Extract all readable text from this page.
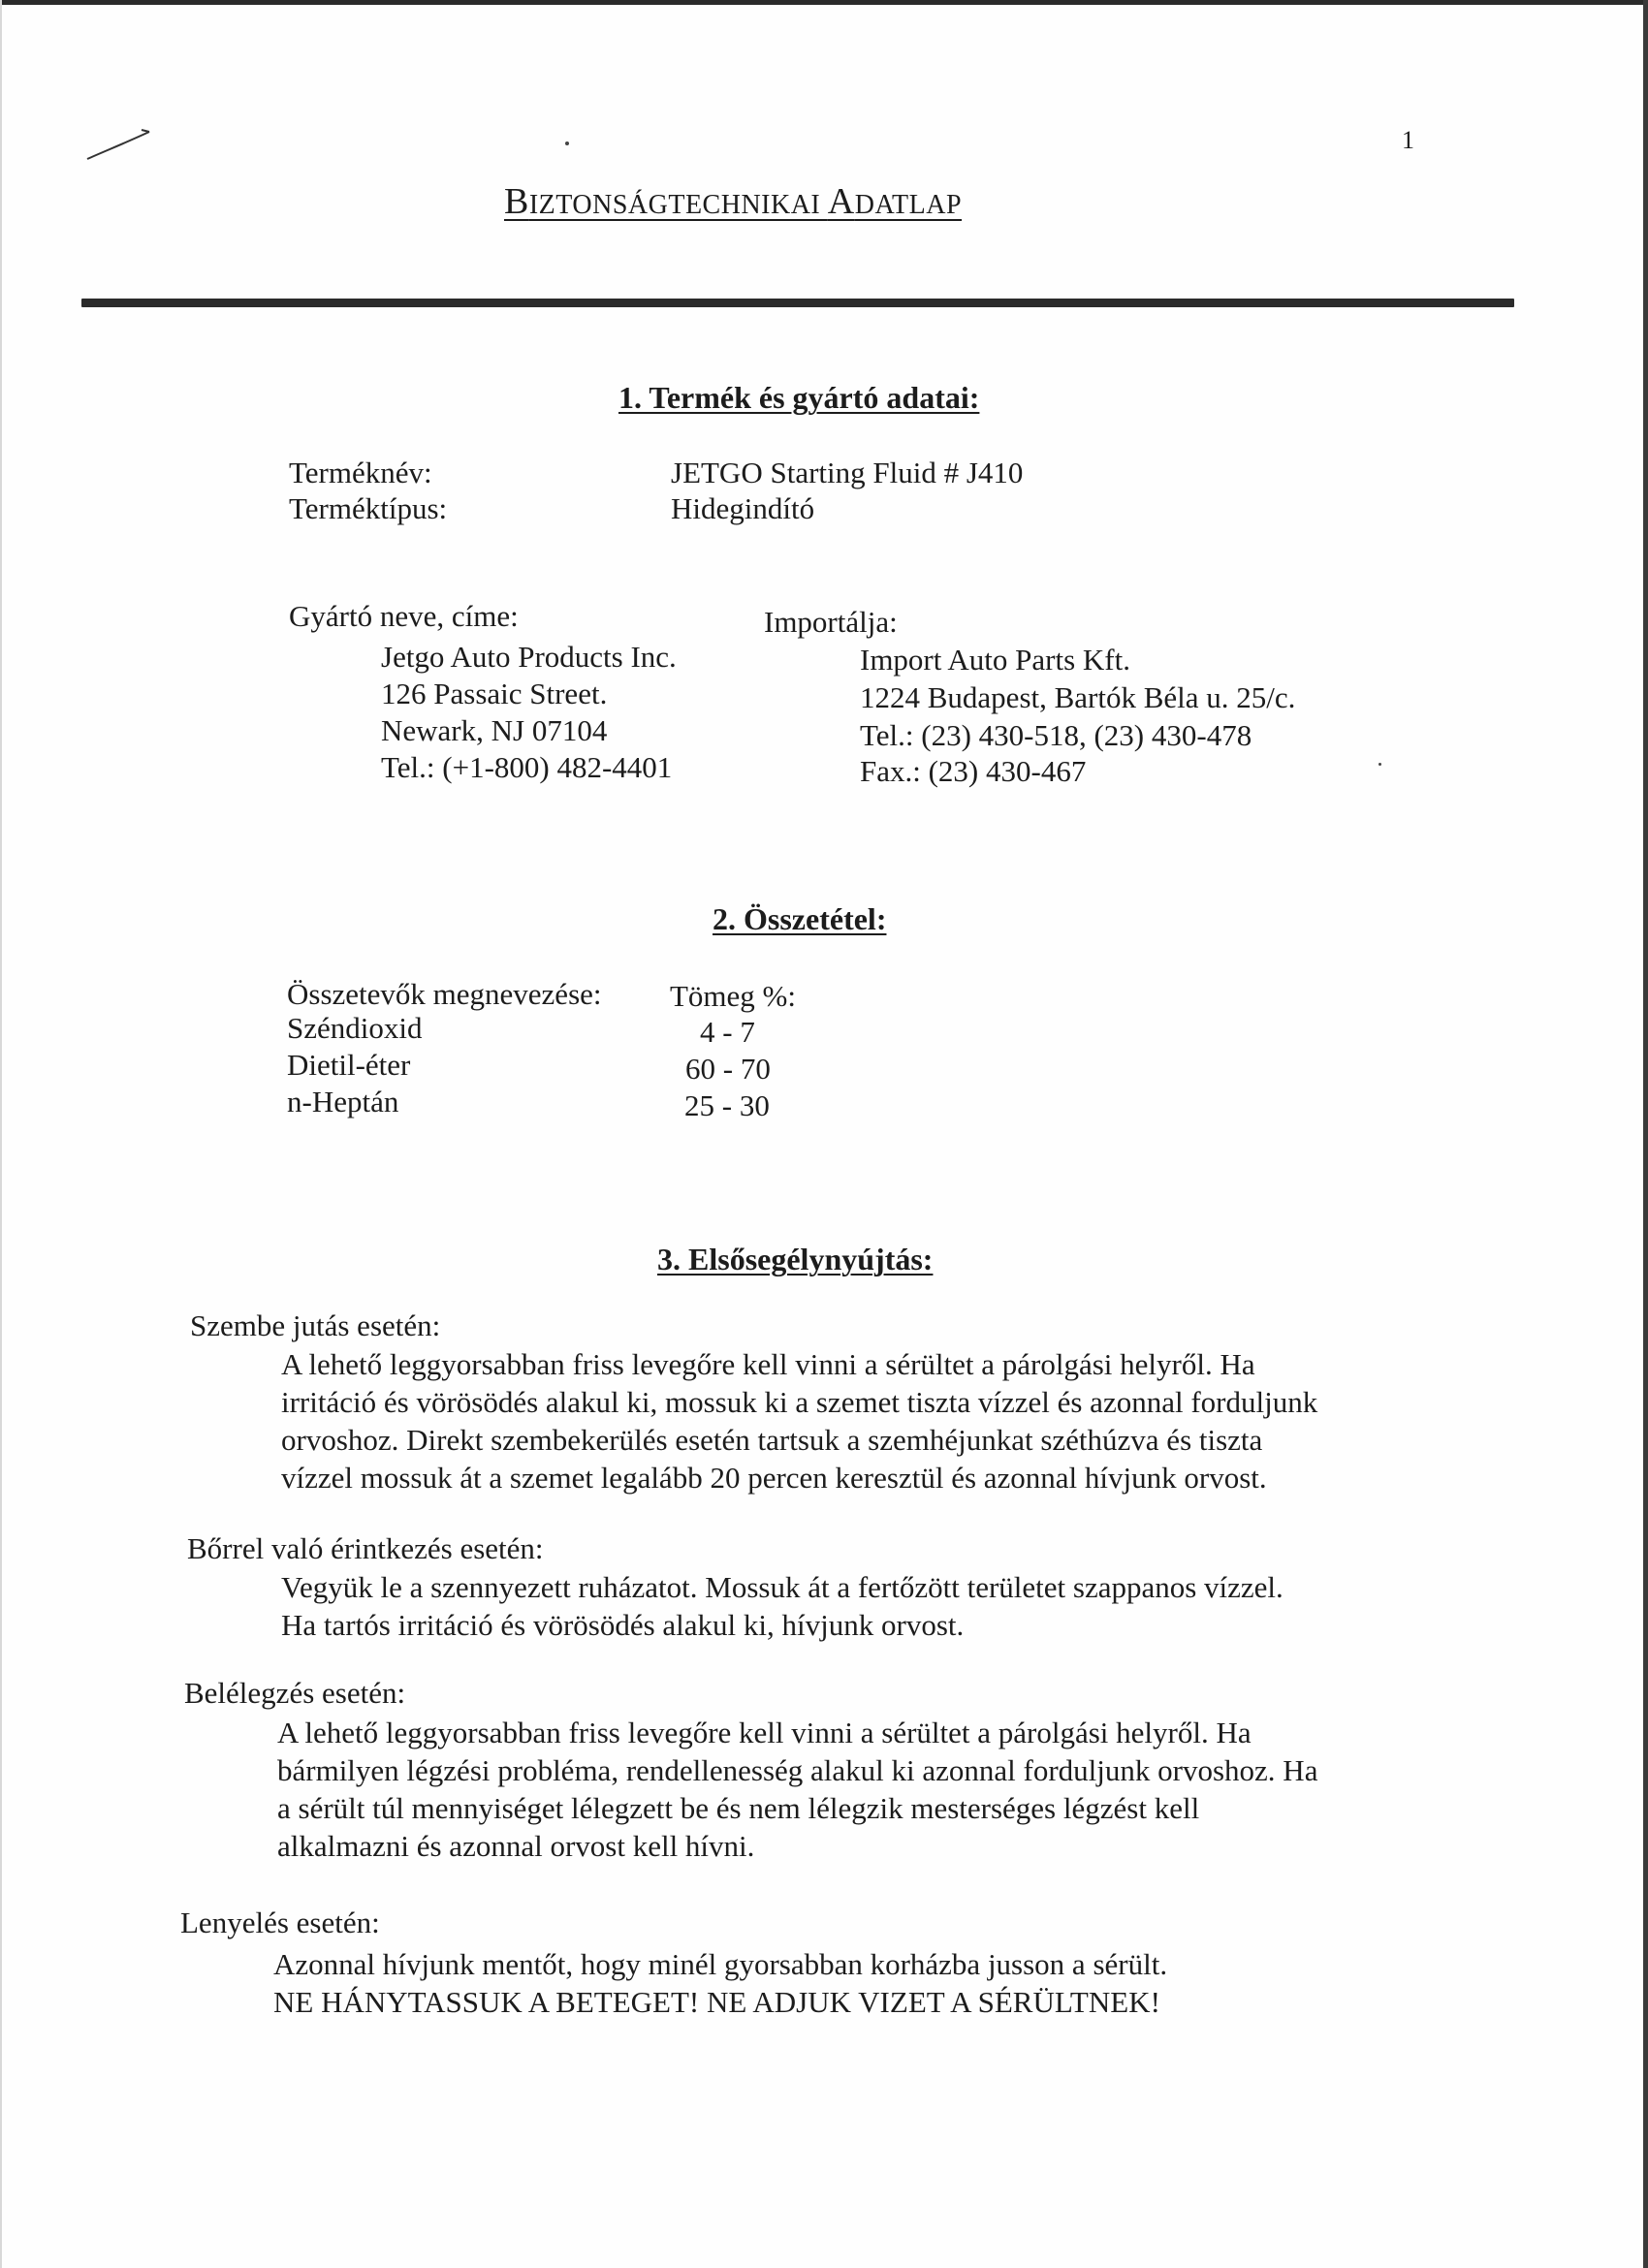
1
BIZTONSÁGTECHNIKAI ADATLAP
1. Termék és gyártó adatai:
Terméknév:	JETGO Starting Fluid # J410
Terméktípus:	Hidegindító
Gyártó neve, címe:
Jetgo Auto Products Inc.
126 Passaic Street.
Newark, NJ 07104
Tel.: (+1-800) 482-4401
Importálja:
Import Auto Parts Kft.
1224 Budapest, Bartók Béla u. 25/c.
Tel.: (23) 430-518, (23) 430-478
Fax.: (23) 430-467
2. Összetétel:
Összetevők megnevezése: Tömeg %:
Széndioxid	4 - 7
Dietil-éter	60 - 70
n-Heptán	25 - 30
3. Elsősegélynyújtás:
Szembe jutás esetén:
A lehető leggyorsabban friss levegőre kell vinni a sérültet a párolgási helyről. Ha
irritáció és vörösödés alakul ki, mossuk ki a szemet tiszta vízzel és azonnal forduljunk
orvoshoz. Direkt szembekerülés esetén tartsuk a szemhéjunkat széthúzva és tiszta
vízzel mossuk át a szemet legalább 20 percen keresztül és azonnal hívjunk orvost.
Bőrrel való érintkezés esetén:
Vegyük le a szennyezett ruházatot. Mossuk át a fertőzött területet szappanos vízzel.
Ha tartós irritáció és vörösödés alakul ki, hívjunk orvost.
Belélegzés esetén:
A lehető leggyorsabban friss levegőre kell vinni a sérültet a párolgási helyről. Ha
bármilyen légzési probléma, rendellenesség alakul ki azonnal forduljunk orvoshoz. Ha
a sérült túl mennyiséget lélegzett be és nem lélegzik mesterséges légzést kell
alkalmazni és azonnal orvost kell hívni.
Lenyelés esetén:
Azonnal hívjunk mentőt, hogy minél gyorsabban korházba jusson a sérült.
NE HÁNYTASSUK A BETEGET! NE ADJUK VIZET A SÉRÜLTNEK!
